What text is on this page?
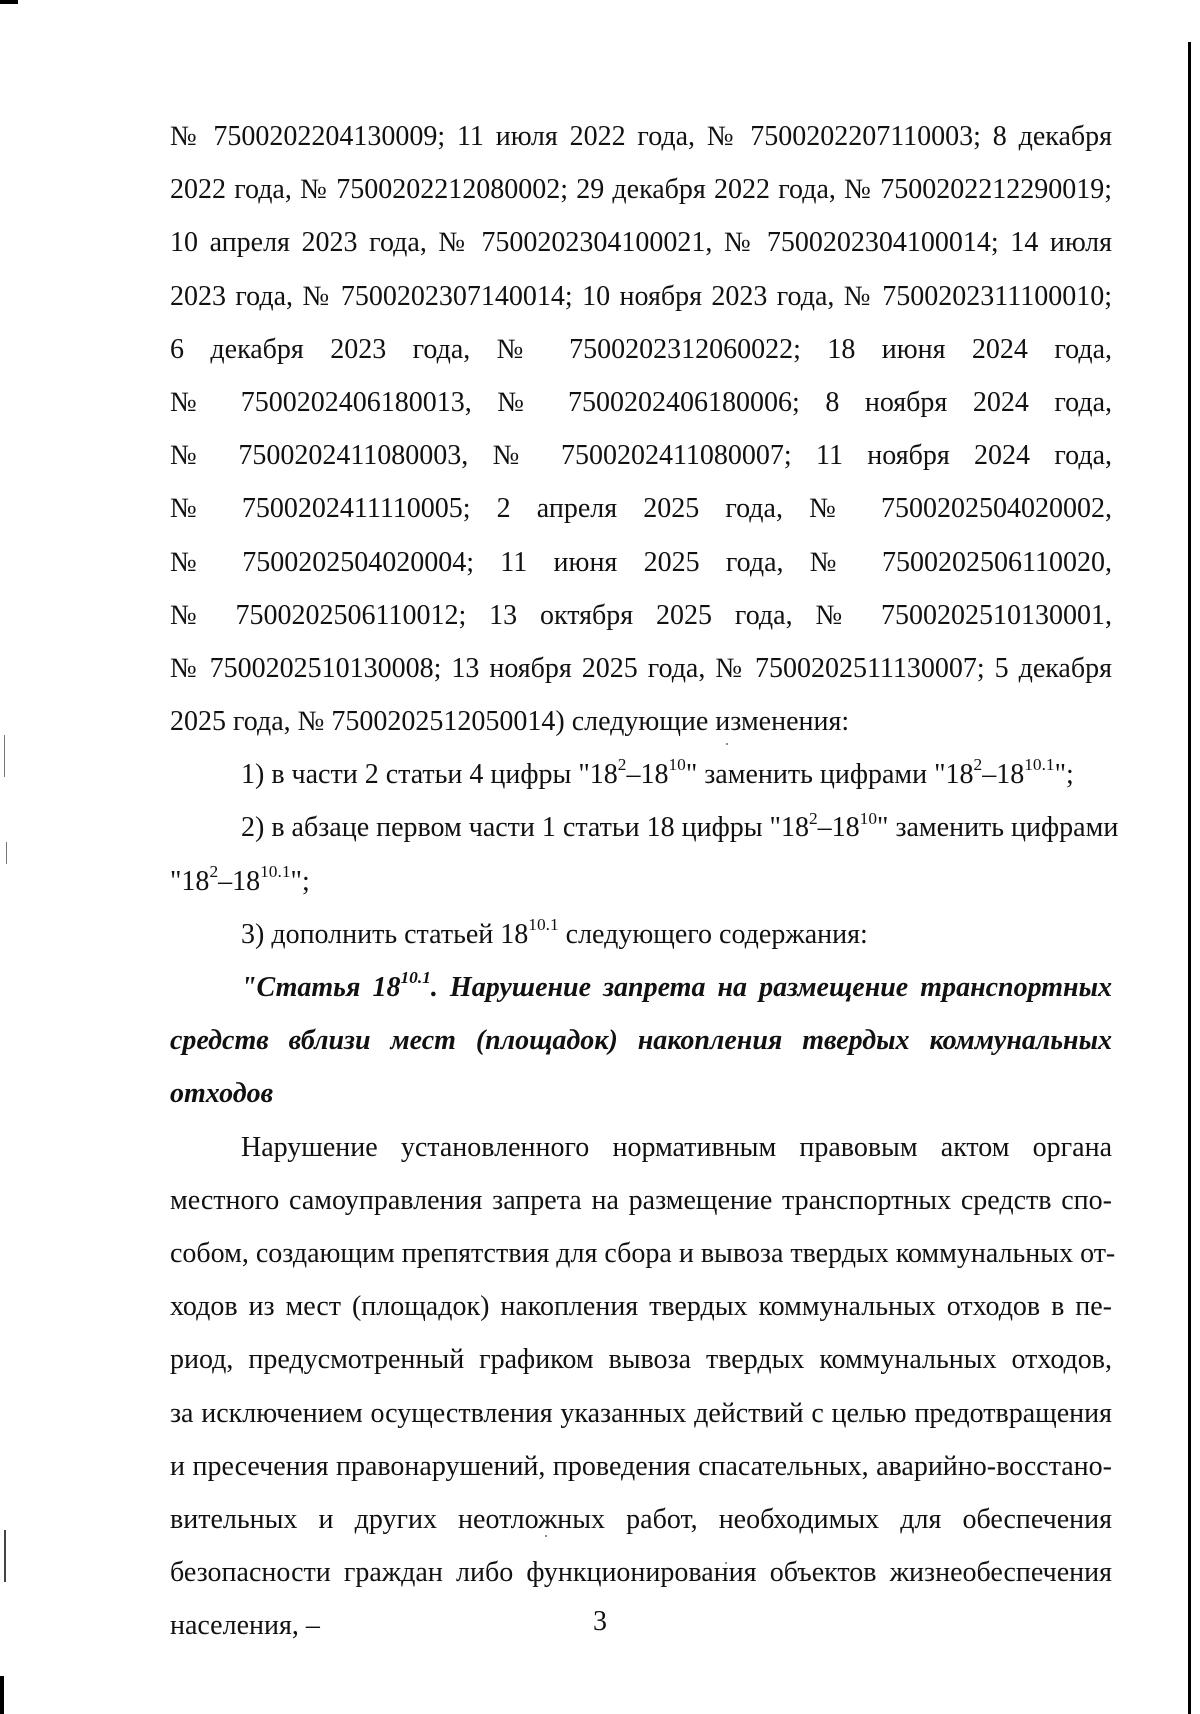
№ 7500202204130009; 11 июля 2022 года, № 7500202207110003; 8 декабря
2022 года, № 7500202212080002; 29 декабря 2022 года, № 7500202212290019;
10 апреля 2023 года, № 7500202304100021, № 7500202304100014; 14 июля
2023 года, № 7500202307140014; 10 ноября 2023 года, № 7500202311100010;
6 декабря 2023 года, № 7500202312060022; 18 июня 2024 года,
№ 7500202406180013, № 7500202406180006; 8 ноября 2024 года,
№ 7500202411080003, № 7500202411080007; 11 ноября 2024 года,
№ 7500202411110005; 2 апреля 2025 года, № 7500202504020002,
№ 7500202504020004; 11 июня 2025 года, № 7500202506110020,
№ 7500202506110012; 13 октября 2025 года, № 7500202510130001,
№ 7500202510130008; 13 ноября 2025 года, № 7500202511130007; 5 декабря
2025 года, № 7500202512050014) следующие изменения:
1) в части 2 статьи 4 цифры "$18^2-18^{10}$" заменить цифрами "$18^2-18^{10.1}$";
2) в абзаце первом части 1 статьи 18 цифры "$18^2-18^{10}$" заменить цифрами
"$18^2-18^{10.1}$";
3) дополнить статьей $18^{10.1}$ следующего содержания:
"Статья $18^{10.1}$. Нарушение запрета на размещение транспортных
средств вблизи мест (площадок) накопления твердых коммунальных
отходов
Нарушение установленного нормативным правовым актом органа
местного самоуправления запрета на размещение транспортных средств спо-
собом, создающим препятствия для сбора и вывоза твердых коммунальных от-
ходов из мест (площадок) накопления твердых коммунальных отходов в пе-
риод, предусмотренный графиком вывоза твердых коммунальных отходов,
за исключением осуществления указанных действий с целью предотвращения
и пресечения правонарушений, проведения спасательных, аварийно-восстано-
вительных и других неотложных работ, необходимых для обеспечения
безопасности граждан либо функционирования объектов жизнеобеспечения
населения, –	3
